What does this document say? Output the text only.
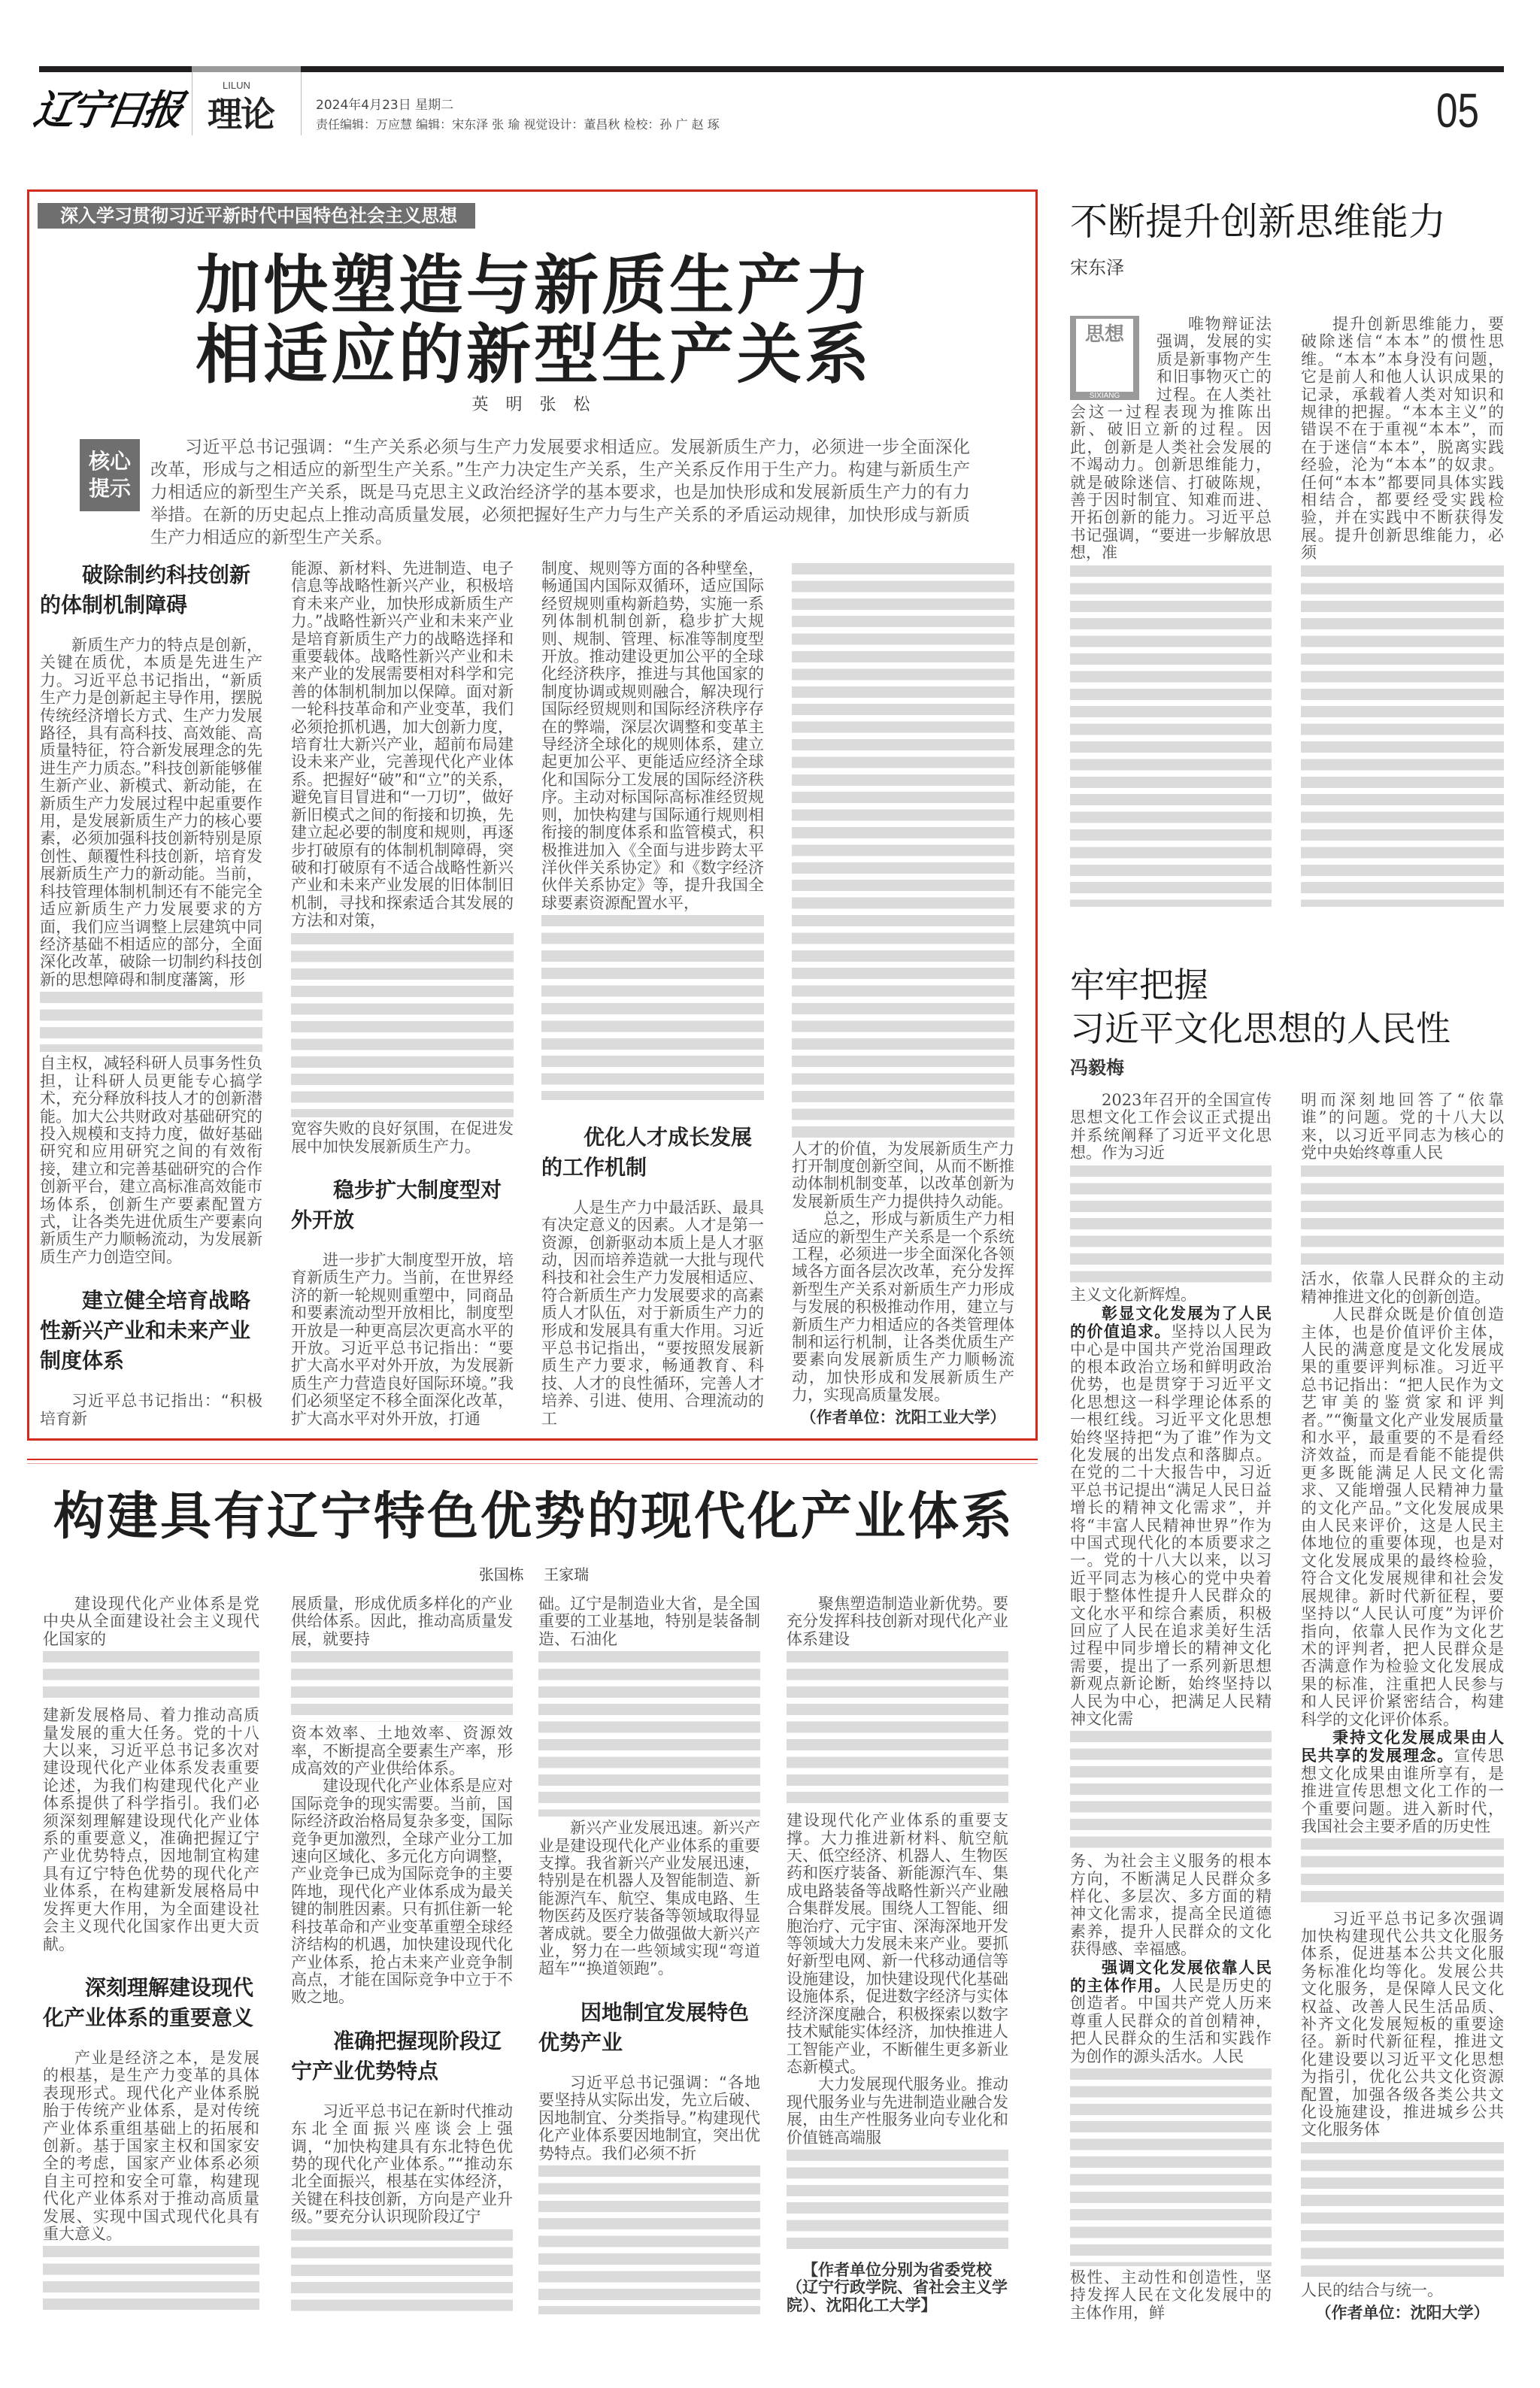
辽宁日报
LILUN
理论	2024年4月23日 星期二
责任编辑：万应慧 编辑：宋东泽 张 瑜 视觉设计：董昌秋 检校：孙 广 赵 琢	05
深入学习贯彻习近平新时代中国特色社会主义思想
加快塑造与新质生产力
相适应的新型生产关系
英 明 张 松
核心提示
习近平总书记强调：“生产关系必须与生产力发展要求相适应。发展新质生产力，必须进一步全面深化改革，形成与之相适应的新型生产关系。”生产力决定生产关系，生产关系反作用于生产力。构建与新质生产力相适应的新型生产关系，既是马克思主义政治经济学的基本要求，也是加快形成和发展新质生产力的有力举措。在新的历史起点上推动高质量发展，必须把握好生产力与生产关系的矛盾运动规律，加快形成与新质生产力相适应的新型生产关系。
破除制约科技创新的体制机制障碍

新质生产力的特点是创新，关键在质优，本质是先进生产力。习近平总书记指出，“新质生产力是创新起主导作用，摆脱传统经济增长方式、生产力发展路径，具有高科技、高效能、高质量特征，符合新发展理念的先进生产力质态。”科技创新能够催生新产业、新模式、新动能，在新质生产力发展过程中起重要作用，是发展新质生产力的核心要素，必须加强科技创新特别是原创性、颠覆性科技创新，培育发展新质生产力的新动能。当前，科技管理体制机制还有不能完全适应新质生产力发展要求的方面，我们应当调整上层建筑中同经济基础不相适应的部分，全面深化改革，破除一切制约科技创新的思想障碍和制度藩篱，形

自主权，减轻科研人员事务性负担，让科研人员更能专心搞学术，充分释放科技人才的创新潜能。加大公共财政对基础研究的投入规模和支持力度，做好基础研究和应用研究之间的有效衔接，建立和完善基础研究的合作创新平台，建立高标准高效能市场体系，创新生产要素配置方式，让各类先进优质生产要素向新质生产力顺畅流动，为发展新质生产力创造空间。

建立健全培育战略性新兴产业和未来产业制度体系

习近平总书记指出：“积极培育新

能源、新材料、先进制造、电子信息等战略性新兴产业，积极培育未来产业，加快形成新质生产力。”战略性新兴产业和未来产业是培育新质生产力的战略选择和重要载体。战略性新兴产业和未来产业的发展需要相对科学和完善的体制机制加以保障。面对新一轮科技革命和产业变革，我们必须抢抓机遇，加大创新力度，培育壮大新兴产业，超前布局建设未来产业，完善现代化产业体系。把握好“破”和“立”的关系，避免盲目冒进和“一刀切”，做好新旧模式之间的衔接和切换，先建立起必要的制度和规则，再逐步打破原有的体制机制障碍，突破和打破原有不适合战略性新兴产业和未来产业发展的旧体制旧机制，寻找和探索适合其发展的方法和对策，

宽容失败的良好氛围，在促进发展中加快发展新质生产力。

稳步扩大制度型对外开放

进一步扩大制度型开放，培育新质生产力。当前，在世界经济的新一轮规则重塑中，同商品和要素流动型开放相比，制度型开放是一种更高层次更高水平的开放。习近平总书记指出：“要扩大高水平对外开放，为发展新质生产力营造良好国际环境。”我们必须坚定不移全面深化改革，扩大高水平对外开放，打通

制度、规则等方面的各种壁垒，畅通国内国际双循环，适应国际经贸规则重构新趋势，实施一系列体制机制创新，稳步扩大规则、规制、管理、标准等制度型开放。推动建设更加公平的全球化经济秩序，推进与其他国家的制度协调或规则融合，解决现行国际经贸规则和国际经济秩序存在的弊端，深层次调整和变革主导经济全球化的规则体系，建立起更加公平、更能适应经济全球化和国际分工发展的国际经济秩序。主动对标国际高标准经贸规则，加快构建与国际通行规则相衔接的制度体系和监管模式，积极推进加入《全面与进步跨太平洋伙伴关系协定》和《数字经济伙伴关系协定》等，提升我国全球要素资源配置水平，

优化人才成长发展的工作机制

人是生产力中最活跃、最具有决定意义的因素。人才是第一资源，创新驱动本质上是人才驱动，因而培养造就一大批与现代科技和社会生产力发展相适应、符合新质生产力发展要求的高素质人才队伍，对于新质生产力的形成和发展具有重大作用。习近平总书记指出，“要按照发展新质生产力要求，畅通教育、科技、人才的良性循环，完善人才培养、引进、使用、合理流动的工

人才的价值，为发展新质生产力打开制度创新空间，从而不断推动体制机制变革，以改革创新为发展新质生产力提供持久动能。

总之，形成与新质生产力相适应的新型生产关系是一个系统工程，必须进一步全面深化各领域各方面各层次改革，充分发挥新型生产关系对新质生产力形成与发展的积极推动作用，建立与新质生产力相适应的各类管理体制和运行机制，让各类优质生产要素向发展新质生产力顺畅流动，加快形成和发展新质生产力，实现高质量发展。

（作者单位：沈阳工业大学）
不断提升创新思维能力
宋东泽
思想
SIXIANG

唯物辩证法强调，发展的实质是新事物产生和旧事物灭亡的过程。在人类社会这一过程表现为推陈出新、破旧立新的过程。因此，创新是人类社会发展的不竭动力。创新思维能力，就是破除迷信、打破陈规，善于因时制宜、知难而进、开拓创新的能力。习近平总书记强调，“要进一步解放思想，准

提升创新思维能力，要破除迷信“本本”的惯性思维。“本本”本身没有问题，它是前人和他人认识成果的记录，承载着人类对知识和规律的把握。“本本主义”的错误不在于重视“本本”，而在于迷信“本本”，脱离实践经验，沦为“本本”的奴隶。任何“本本”都要同具体实践相结合，都要经受实践检验，并在实践中不断获得发展。提升创新思维能力，必须

牢牢把握
习近平文化思想的人民性
冯毅梅

2023年召开的全国宣传思想文化工作会议正式提出并系统阐释了习近平文化思想。作为习近

主义文化新辉煌。

彰显文化发展为了人民的价值追求。坚持以人民为中心是中国共产党治国理政的根本政治立场和鲜明政治优势，也是贯穿于习近平文化思想这一科学理论体系的一根红线。习近平文化思想始终坚持把“为了谁”作为文化发展的出发点和落脚点。在党的二十大报告中，习近平总书记提出“满足人民日益增长的精神文化需求”，并将“丰富人民精神世界”作为中国式现代化的本质要求之一。党的十八大以来，以习近平同志为核心的党中央着眼于整体性提升人民群众的文化水平和综合素质，积极回应了人民在追求美好生活过程中同步增长的精神文化需要，提出了一系列新思想新观点新论断，始终坚持以人民为中心，把满足人民精神文化需

务、为社会主义服务的根本方向，不断满足人民群众多样化、多层次、多方面的精神文化需求，提高全民道德素养，提升人民群众的文化获得感、幸福感。

强调文化发展依靠人民的主体作用。人民是历史的创造者。中国共产党人历来尊重人民群众的首创精神，把人民群众的生活和实践作为创作的源头活水。人民

极性、主动性和创造性，坚持发挥人民在文化发展中的主体作用，鲜

明而深刻地回答了“依靠谁”的问题。党的十八大以来，以习近平同志为核心的党中央始终尊重人民

活水，依靠人民群众的主动精神推进文化的创新创造。

人民群众既是价值创造主体，也是价值评价主体，人民的满意度是文化发展成果的重要评判标准。习近平总书记指出：“把人民作为文艺审美的鉴赏家和评判者。”“衡量文化产业发展质量和水平，最重要的不是看经济效益，而是看能不能提供更多既能满足人民文化需求、又能增强人民精神力量的文化产品。”文化发展成果由人民来评价，这是人民主体地位的重要体现，也是对文化发展成果的最终检验，符合文化发展规律和社会发展规律。新时代新征程，要坚持以“人民认可度”为评价指向，依靠人民作为文化艺术的评判者，把人民群众是否满意作为检验文化发展成果的标准，注重把人民参与和人民评价紧密结合，构建科学的文化评价体系。

秉持文化发展成果由人民共享的发展理念。宣传思想文化成果由谁所享有，是推进宣传思想文化工作的一个重要问题。进入新时代，我国社会主要矛盾的历史性

习近平总书记多次强调加快构建现代公共文化服务体系，促进基本公共文化服务标准化均等化。发展公共文化服务，是保障人民文化权益、改善人民生活品质、补齐文化发展短板的重要途径。新时代新征程，推进文化建设要以习近平文化思想为指引，优化公共文化资源配置，加强各级各类公共文化设施建设，推进城乡公共文化服务体

人民的结合与统一。

（作者单位：沈阳大学）
构建具有辽宁特色优势的现代化产业体系
张国栋 王家瑞

建设现代化产业体系是党中央从全面建设社会主义现代化国家的

建新发展格局、着力推动高质量发展的重大任务。党的十八大以来，习近平总书记多次对建设现代化产业体系发表重要论述，为我们构建现代化产业体系提供了科学指引。我们必须深刻理解建设现代化产业体系的重要意义，准确把握辽宁产业优势特点，因地制宜构建具有辽宁特色优势的现代化产业体系，在构建新发展格局中发挥更大作用，为全面建设社会主义现代化国家作出更大贡献。

深刻理解建设现代化产业体系的重要意义

产业是经济之本，是发展的根基，是生产力变革的具体表现形式。现代化产业体系脱胎于传统产业体系，是对传统产业体系重组基础上的拓展和创新。基于国家主权和国家安全的考虑，国家产业体系必须自主可控和安全可靠，构建现代化产业体系对于推动高质量发展、实现中国式现代化具有重大意义。

展质量，形成优质多样化的产业供给体系。因此，推动高质量发展，就要持

资本效率、土地效率、资源效率，不断提高全要素生产率，形成高效的产业供给体系。

建设现代化产业体系是应对国际竞争的现实需要。当前，国际经济政治格局复杂多变，国际竞争更加激烈，全球产业分工加速向区域化、多元化方向调整，产业竞争已成为国际竞争的主要阵地，现代化产业体系成为最关键的制胜因素。只有抓住新一轮科技革命和产业变革重塑全球经济结构的机遇，加快建设现代化产业体系，抢占未来产业竞争制高点，才能在国际竞争中立于不败之地。

准确把握现阶段辽宁产业优势特点

习近平总书记在新时代推动东北全面振兴座谈会上强调，“加快构建具有东北特色优势的现代化产业体系。”“推动东北全面振兴，根基在实体经济，关键在科技创新，方向是产业升级。”要充分认识现阶段辽宁

础。辽宁是制造业大省，是全国重要的工业基地，特别是装备制造、石油化

新兴产业发展迅速。新兴产业是建设现代化产业体系的重要支撑。我省新兴产业发展迅速，特别是在机器人及智能制造、新能源汽车、航空、集成电路、生物医药及医疗装备等领域取得显著成就。要全力做强做大新兴产业，努力在一些领域实现“弯道超车”“换道领跑”。

因地制宜发展特色优势产业

习近平总书记强调：“各地要坚持从实际出发，先立后破、因地制宜、分类指导。”构建现代化产业体系要因地制宜，突出优势特点。我们必须不折

聚焦塑造制造业新优势。要充分发挥科技创新对现代化产业体系建设

建设现代化产业体系的重要支撑。大力推进新材料、航空航天、低空经济、机器人、生物医药和医疗装备、新能源汽车、集成电路装备等战略性新兴产业融合集群发展。围绕人工智能、细胞治疗、元宇宙、深海深地开发等领域大力发展未来产业。要抓好新型电网、新一代移动通信等设施建设，加快建设现代化基础设施体系，促进数字经济与实体经济深度融合，积极探索以数字技术赋能实体经济，加快推进人工智能产业，不断催生更多新业态新模式。

大力发展现代服务业。推动现代服务业与先进制造业融合发展，由生产性服务业向专业化和价值链高端服

【作者单位分别为省委党校（辽宁行政学院、省社会主义学院）、沈阳化工大学】
